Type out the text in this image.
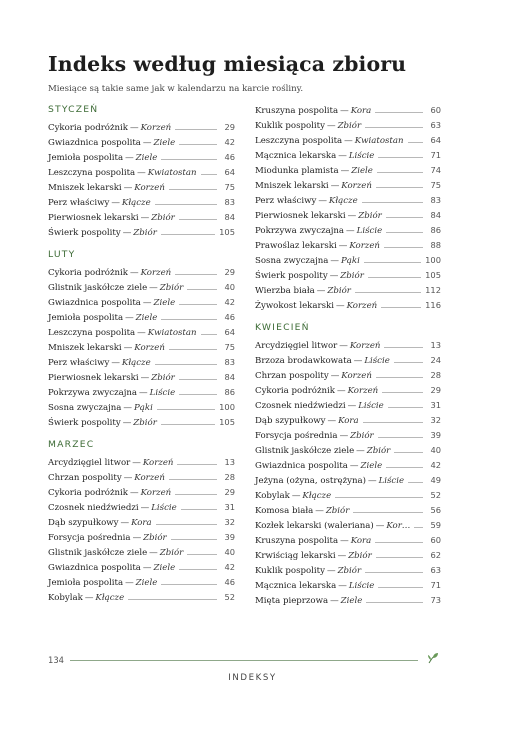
Indeks według miesiąca zbioru
Miesiące są takie same jak w kalendarzu na karcie rośliny.
STYCZEŃ
Cykoria podróżnik — Korzeń	29
Gwiazdnica pospolita — Ziele	42
Jemioła pospolita — Ziele	46
Leszczyna pospolita — Kwiatostan	64
Mniszek lekarski — Korzeń	75
Perz właściwy — Kłącze	83
Pierwiosnek lekarski — Zbiór	84
Świerk pospolity — Zbiór	105
LUTY
Cykoria podróżnik — Korzeń	29
Glistnik jaskółcze ziele — Zbiór	40
Gwiazdnica pospolita — Ziele	42
Jemioła pospolita — Ziele	46
Leszczyna pospolita — Kwiatostan	64
Mniszek lekarski — Korzeń	75
Perz właściwy — Kłącze	83
Pierwiosnek lekarski — Zbiór	84
Pokrzywa zwyczajna — Liście	86
Sosna zwyczajna — Pąki	100
Świerk pospolity — Zbiór	105
MARZEC
Arcydzięgiel litwor — Korzeń	13
Chrzan pospolity — Korzeń	28
Cykoria podróżnik — Korzeń	29
Czosnek niedźwiedzi — Liście	31
Dąb szypułkowy — Kora	32
Forsycja pośrednia — Zbiór	39
Glistnik jaskółcze ziele — Zbiór	40
Gwiazdnica pospolita — Ziele	42
Jemioła pospolita — Ziele	46
Kobylak — Kłącze	52
Kruszyna pospolita — Kora	60
Kuklik pospolity — Zbiór	63
Leszczyna pospolita — Kwiatostan	64
Mącznica lekarska — Liście	71
Miodunka plamista — Ziele	74
Mniszek lekarski — Korzeń	75
Perz właściwy — Kłącze	83
Pierwiosnek lekarski — Zbiór	84
Pokrzywa zwyczajna — Liście	86
Prawoślaz lekarski — Korzeń	88
Sosna zwyczajna — Pąki	100
Świerk pospolity — Zbiór	105
Wierzba biała — Zbiór	112
Żywokost lekarski — Korzeń	116
KWIECIEŃ
Arcydzięgiel litwor — Korzeń	13
Brzoza brodawkowata — Liście	24
Chrzan pospolity — Korzeń	28
Cykoria podróżnik — Korzeń	29
Czosnek niedźwiedzi — Liście	31
Dąb szypułkowy — Kora	32
Forsycja pośrednia — Zbiór	39
Glistnik jaskółcze ziele — Zbiór	40
Gwiazdnica pospolita — Ziele	42
Jeżyna (ożyna, ostrężyna) — Liście	49
Kobylak — Kłącze	52
Komosa biała — Zbiór	56
Kozłek lekarski (waleriana) — Kor…	59
Kruszyna pospolita — Kora	60
Krwiściąg lekarski — Zbiór	62
Kuklik pospolity — Zbiór	63
Mącznica lekarska — Liście	71
Mięta pieprzowa — Ziele	73
134
INDEKSY
